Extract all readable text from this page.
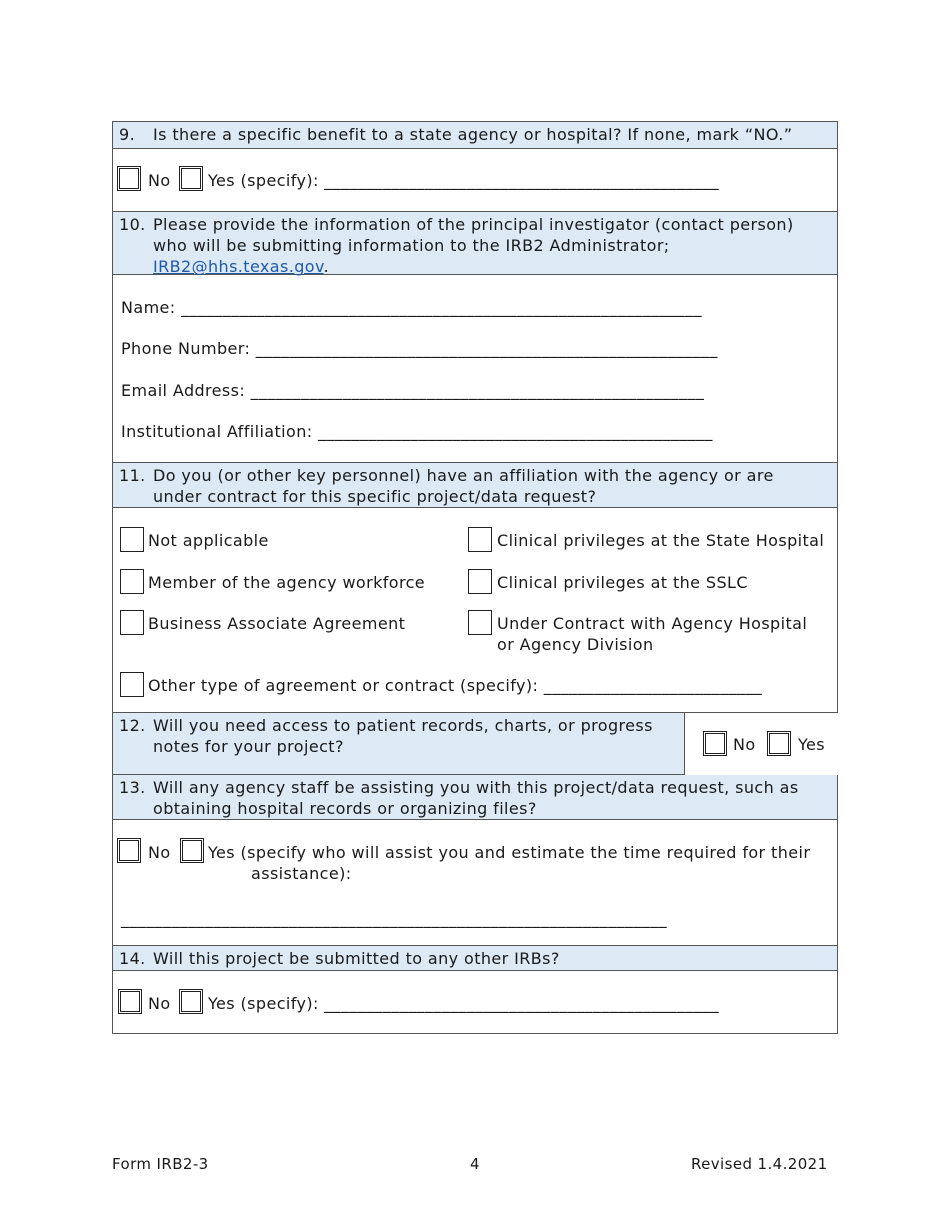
9. Is there a specific benefit to a state agency or hospital? If none, mark “NO.”
No Yes (specify): _______________________________________________
10. Please provide the information of the principal investigator (contact person)
who will be submitting information to the IRB2 Administrator;
IRB2@hhs.texas.gov.
Name: ______________________________________________________________
Phone Number: _______________________________________________________
Email Address: ______________________________________________________
Institutional Affiliation: _______________________________________________
11. Do you (or other key personnel) have an affiliation with the agency or are
under contract for this specific project/data request?
Not applicable	Clinical privileges at the State Hospital
Member of the agency workforce	Clinical privileges at the SSLC
Business Associate Agreement	Under Contract with Agency Hospital
or Agency Division
Other type of agreement or contract (specify): __________________________
12. Will you need access to patient records, charts, or progress
notes for your project?	No	Yes
13. Will any agency staff be assisting you with this project/data request, such as
obtaining hospital records or organizing files?
No Yes (specify who will assist you and estimate the time required for their
assistance):
_________________________________________________________________
14. Will this project be submitted to any other IRBs?
No Yes (specify): _______________________________________________
Form IRB2-3	4	Revised 1.4.2021
